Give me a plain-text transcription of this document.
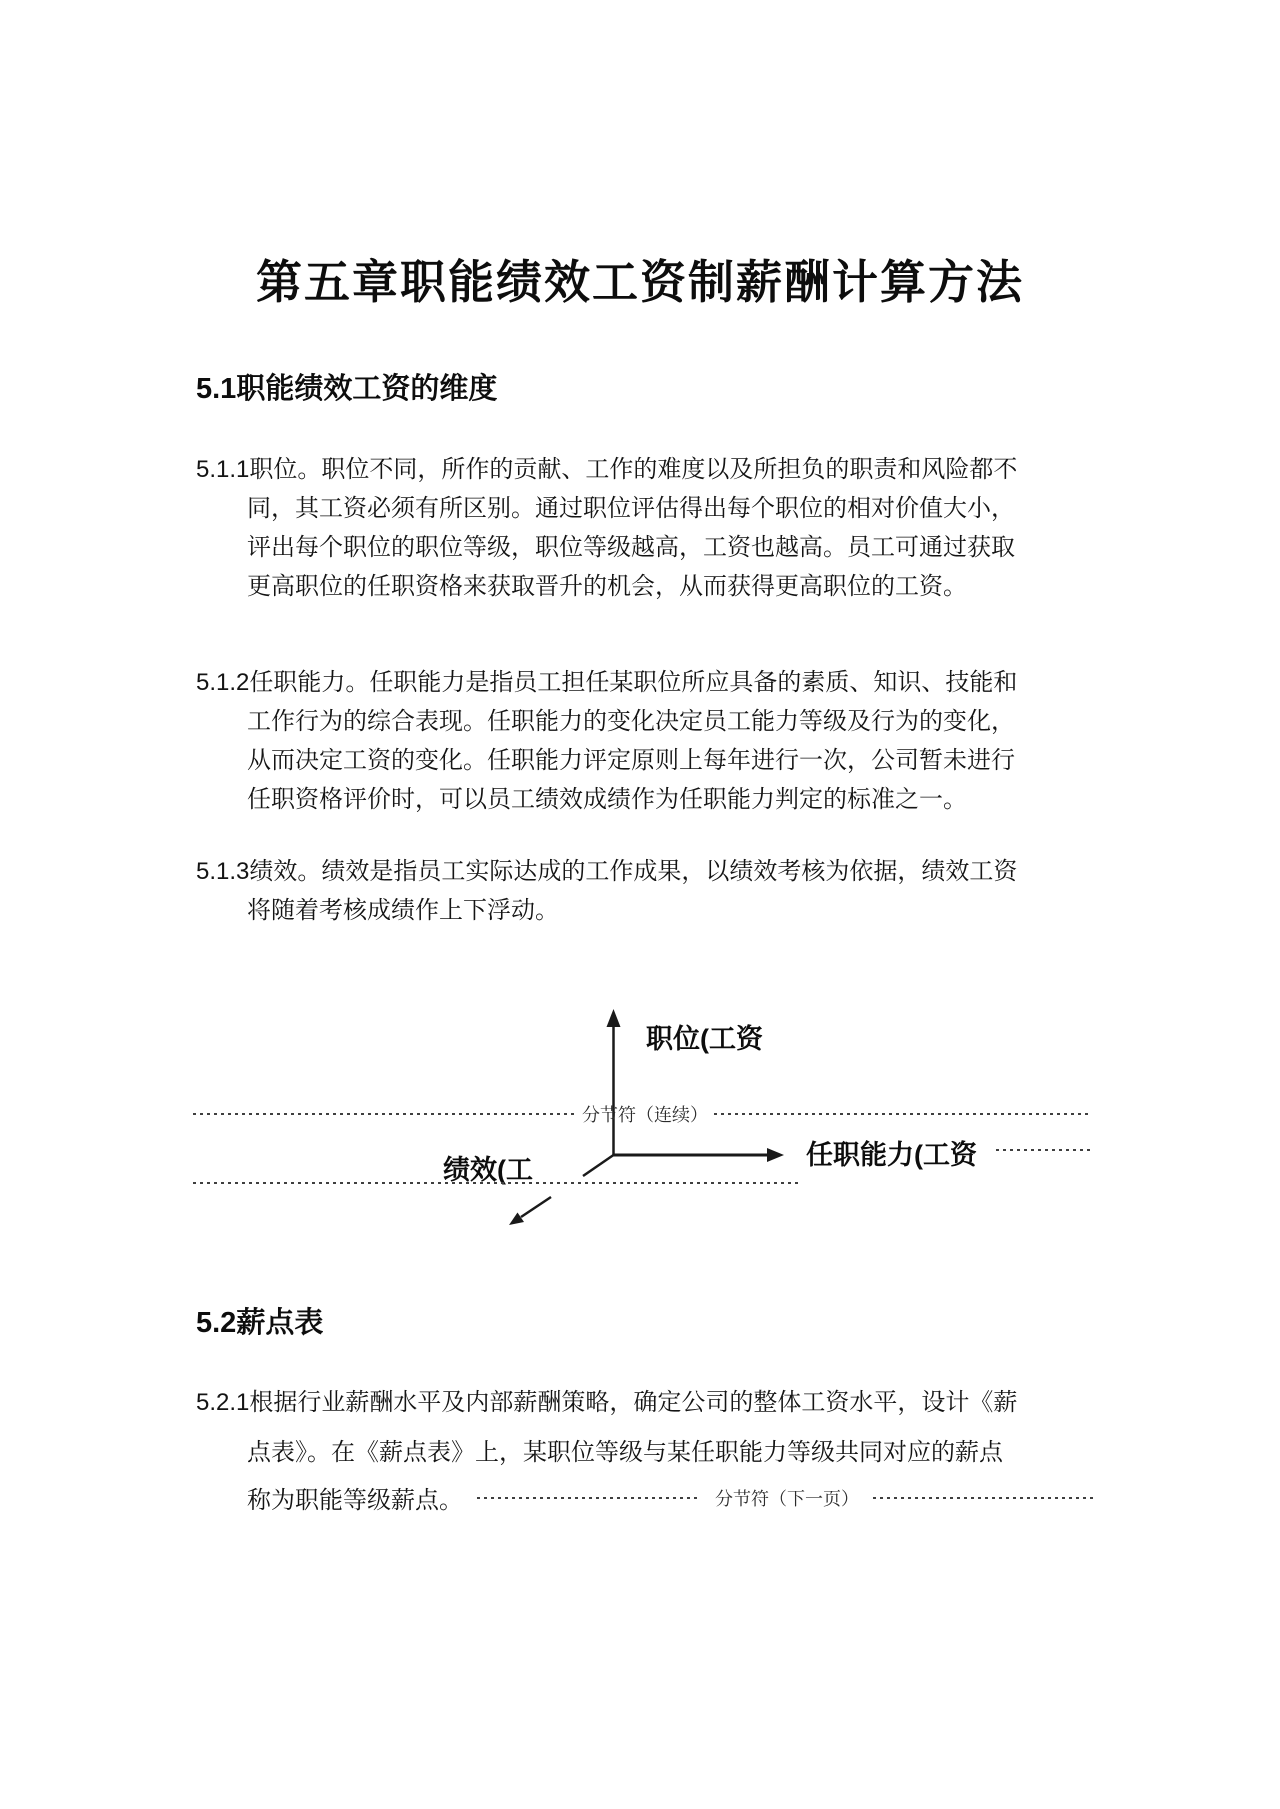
第五章职能绩效工资制薪酬计算方法
5.1职能绩效工资的维度
5.1.1职位。职位不同，所作的贡献、工作的难度以及所担负的职责和风险都不
同，其工资必须有所区别。通过职位评估得出每个职位的相对价值大小，
评出每个职位的职位等级，职位等级越高，工资也越高。员工可通过获取
更高职位的任职资格来获取晋升的机会，从而获得更高职位的工资。
5.1.2任职能力。任职能力是指员工担任某职位所应具备的素质、知识、技能和
工作行为的综合表现。任职能力的变化决定员工能力等级及行为的变化，
从而决定工资的变化。任职能力评定原则上每年进行一次，公司暂未进行
任职资格评价时，可以员工绩效成绩作为任职能力判定的标准之一。
5.1.3绩效。绩效是指员工实际达成的工作成果，以绩效考核为依据，绩效工资
将随着考核成绩作上下浮动。
职位(工资
分节符（连续）
任职能力(工资
绩效(工
5.2薪点表
5.2.1根据行业薪酬水平及内部薪酬策略，确定公司的整体工资水平，设计《薪
点表》。在《薪点表》上，某职位等级与某任职能力等级共同对应的薪点
称为职能等级薪点。	分节符（下一页）
